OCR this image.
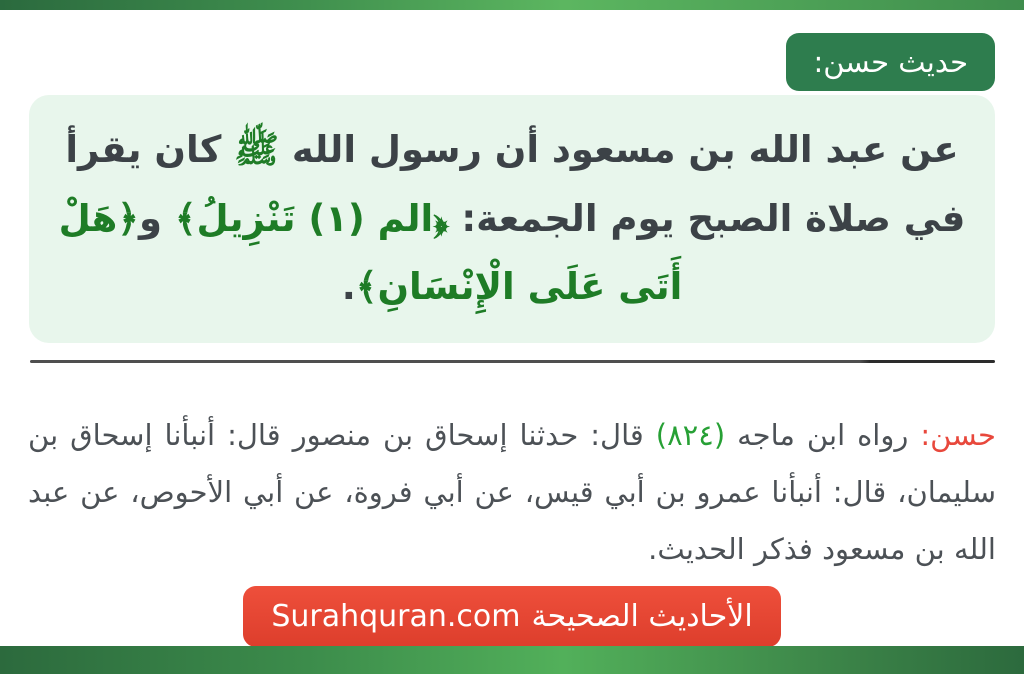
حديث حسن:

عن عبد الله بن مسعود أن رسول الله ﷺ كان يقرأ في صلاة الصبح يوم الجمعة: ﴿الم (١) تَنْزِيلُ﴾ و﴿هَلْ أَتَى عَلَى الْإِنْسَانِ﴾.

حسن: رواه ابن ماجه (٨٢٤) قال: حدثنا إسحاق بن منصور قال: أنبأنا إسحاق بن سليمان، قال: أنبأنا عمرو بن أبي قيس، عن أبي فروة، عن أبي الأحوص، عن عبد الله بن مسعود فذكر الحديث.

الأحاديث الصحيحة
Surahquran.com
